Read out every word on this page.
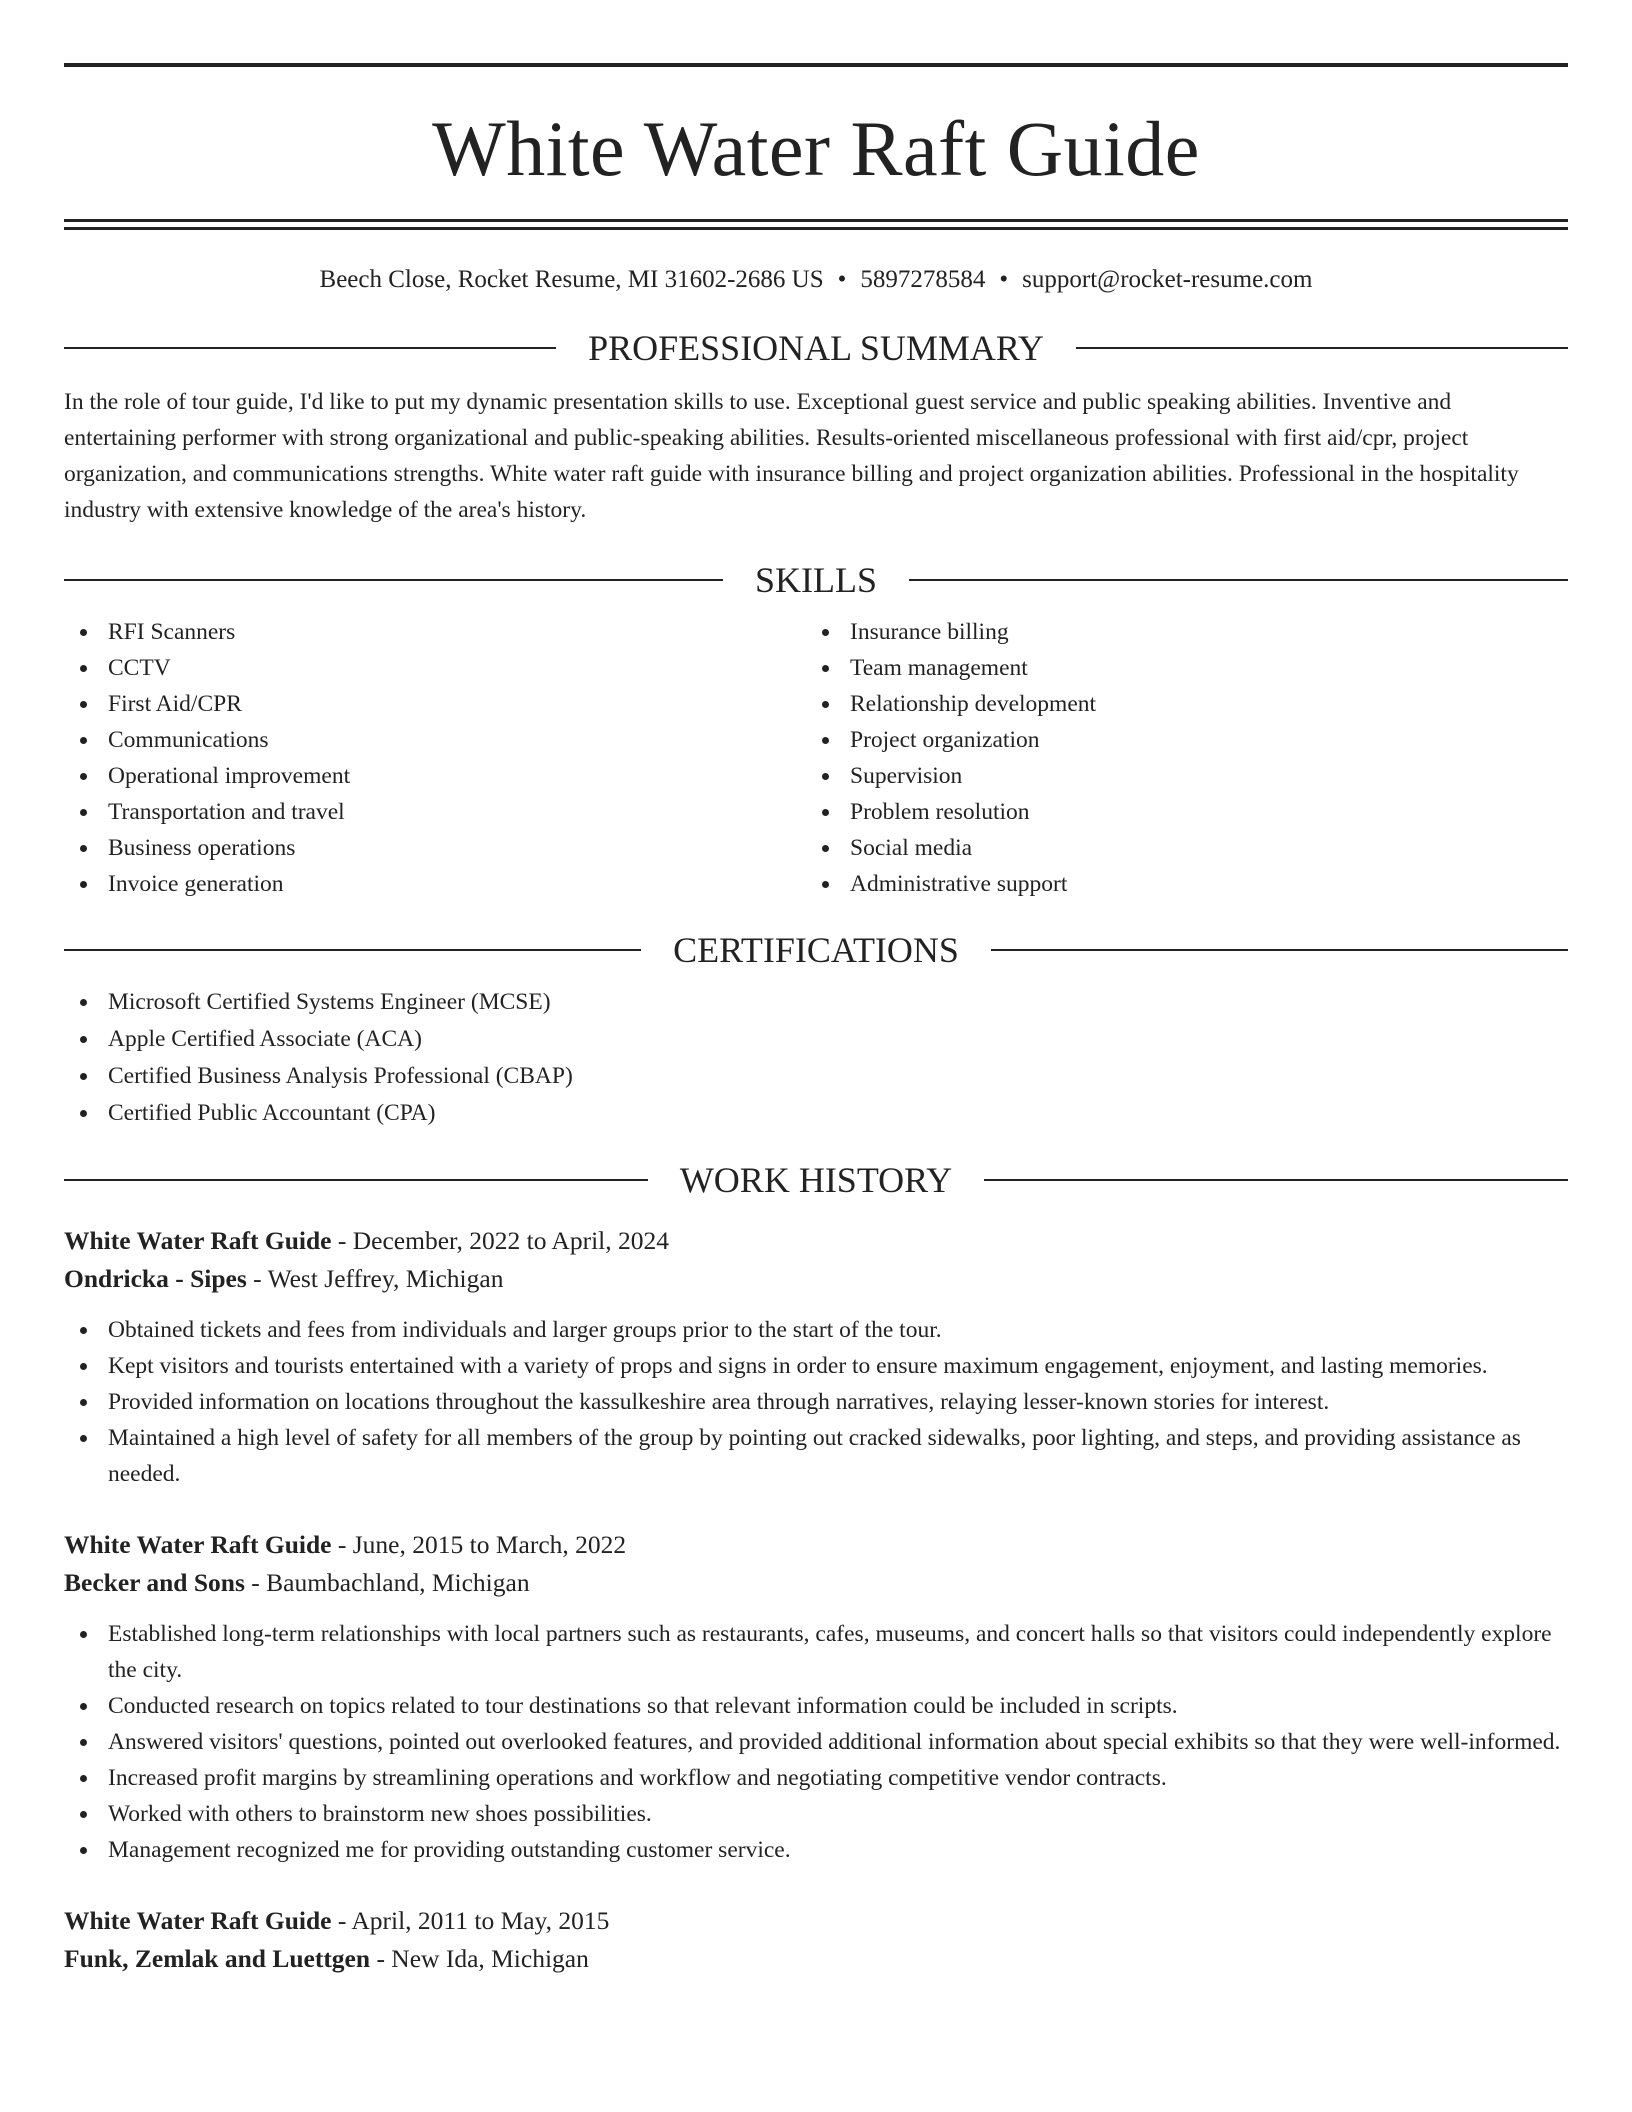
White Water Raft Guide
Beech Close, Rocket Resume, MI 31602-2686 US • 5897278584 • support@rocket-resume.com
PROFESSIONAL SUMMARY

In the role of tour guide, I'd like to put my dynamic presentation skills to use. Exceptional guest service and public speaking abilities. Inventive and entertaining performer with strong organizational and public-speaking abilities. Results-oriented miscellaneous professional with first aid/cpr, project organization, and communications strengths. White water raft guide with insurance billing and project organization abilities. Professional in the hospitality industry with extensive knowledge of the area's history.

SKILLS
RFI Scanners
CCTV
First Aid/CPR
Communications
Operational improvement
Transportation and travel
Business operations
Invoice generation
Insurance billing
Team management
Relationship development
Project organization
Supervision
Problem resolution
Social media
Administrative support
CERTIFICATIONS
Microsoft Certified Systems Engineer (MCSE)
Apple Certified Associate (ACA)
Certified Business Analysis Professional (CBAP)
Certified Public Accountant (CPA)
WORK HISTORY
White Water Raft Guide - December, 2022 to April, 2024
Ondricka - Sipes - West Jeffrey, Michigan
Obtained tickets and fees from individuals and larger groups prior to the start of the tour.
Kept visitors and tourists entertained with a variety of props and signs in order to ensure maximum engagement, enjoyment, and lasting memories.
Provided information on locations throughout the kassulkeshire area through narratives, relaying lesser-known stories for interest.
Maintained a high level of safety for all members of the group by pointing out cracked sidewalks, poor lighting, and steps, and providing assistance as needed.
White Water Raft Guide - June, 2015 to March, 2022
Becker and Sons - Baumbachland, Michigan
Established long-term relationships with local partners such as restaurants, cafes, museums, and concert halls so that visitors could independently explore the city.
Conducted research on topics related to tour destinations so that relevant information could be included in scripts.
Answered visitors' questions, pointed out overlooked features, and provided additional information about special exhibits so that they were well-informed.
Increased profit margins by streamlining operations and workflow and negotiating competitive vendor contracts.
Worked with others to brainstorm new shoes possibilities.
Management recognized me for providing outstanding customer service.
White Water Raft Guide - April, 2011 to May, 2015
Funk, Zemlak and Luettgen - New Ida, Michigan
